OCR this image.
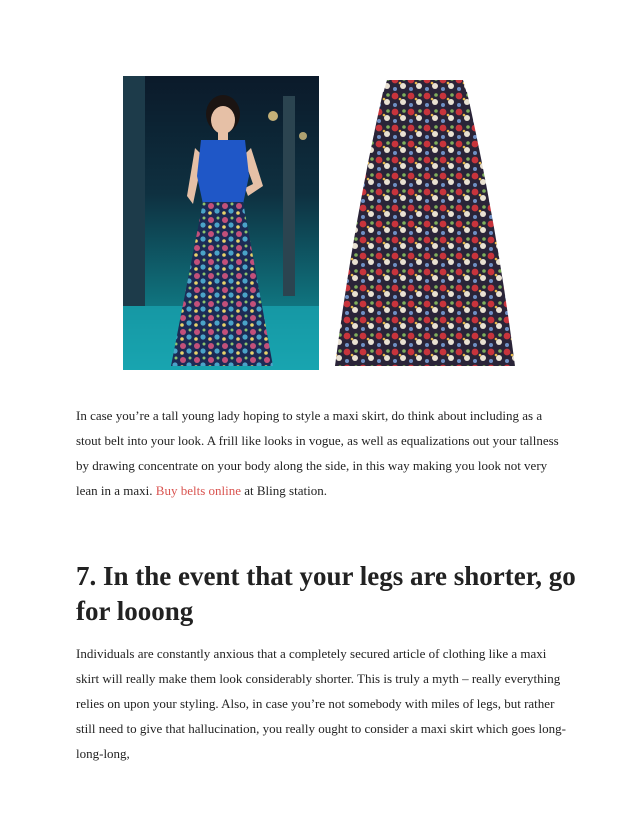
In case you’re a tall young lady hoping to style a maxi skirt, do think about including as a stout belt into your look. A frill like looks in vogue, as well as equalizations out your tallness by drawing concentrate on your body along the side, in this way making you look not very lean in a maxi. Buy belts online at Bling station.

7. In the event that your legs are shorter, go for looong

Individuals are constantly anxious that a completely secured article of clothing like a maxi skirt will really make them look considerably shorter. This is truly a myth – really everything relies on upon your styling. Also, in case you’re not somebody with miles of legs, but rather still need to give that hallucination, you really ought to consider a maxi skirt which goes long-long-long,
